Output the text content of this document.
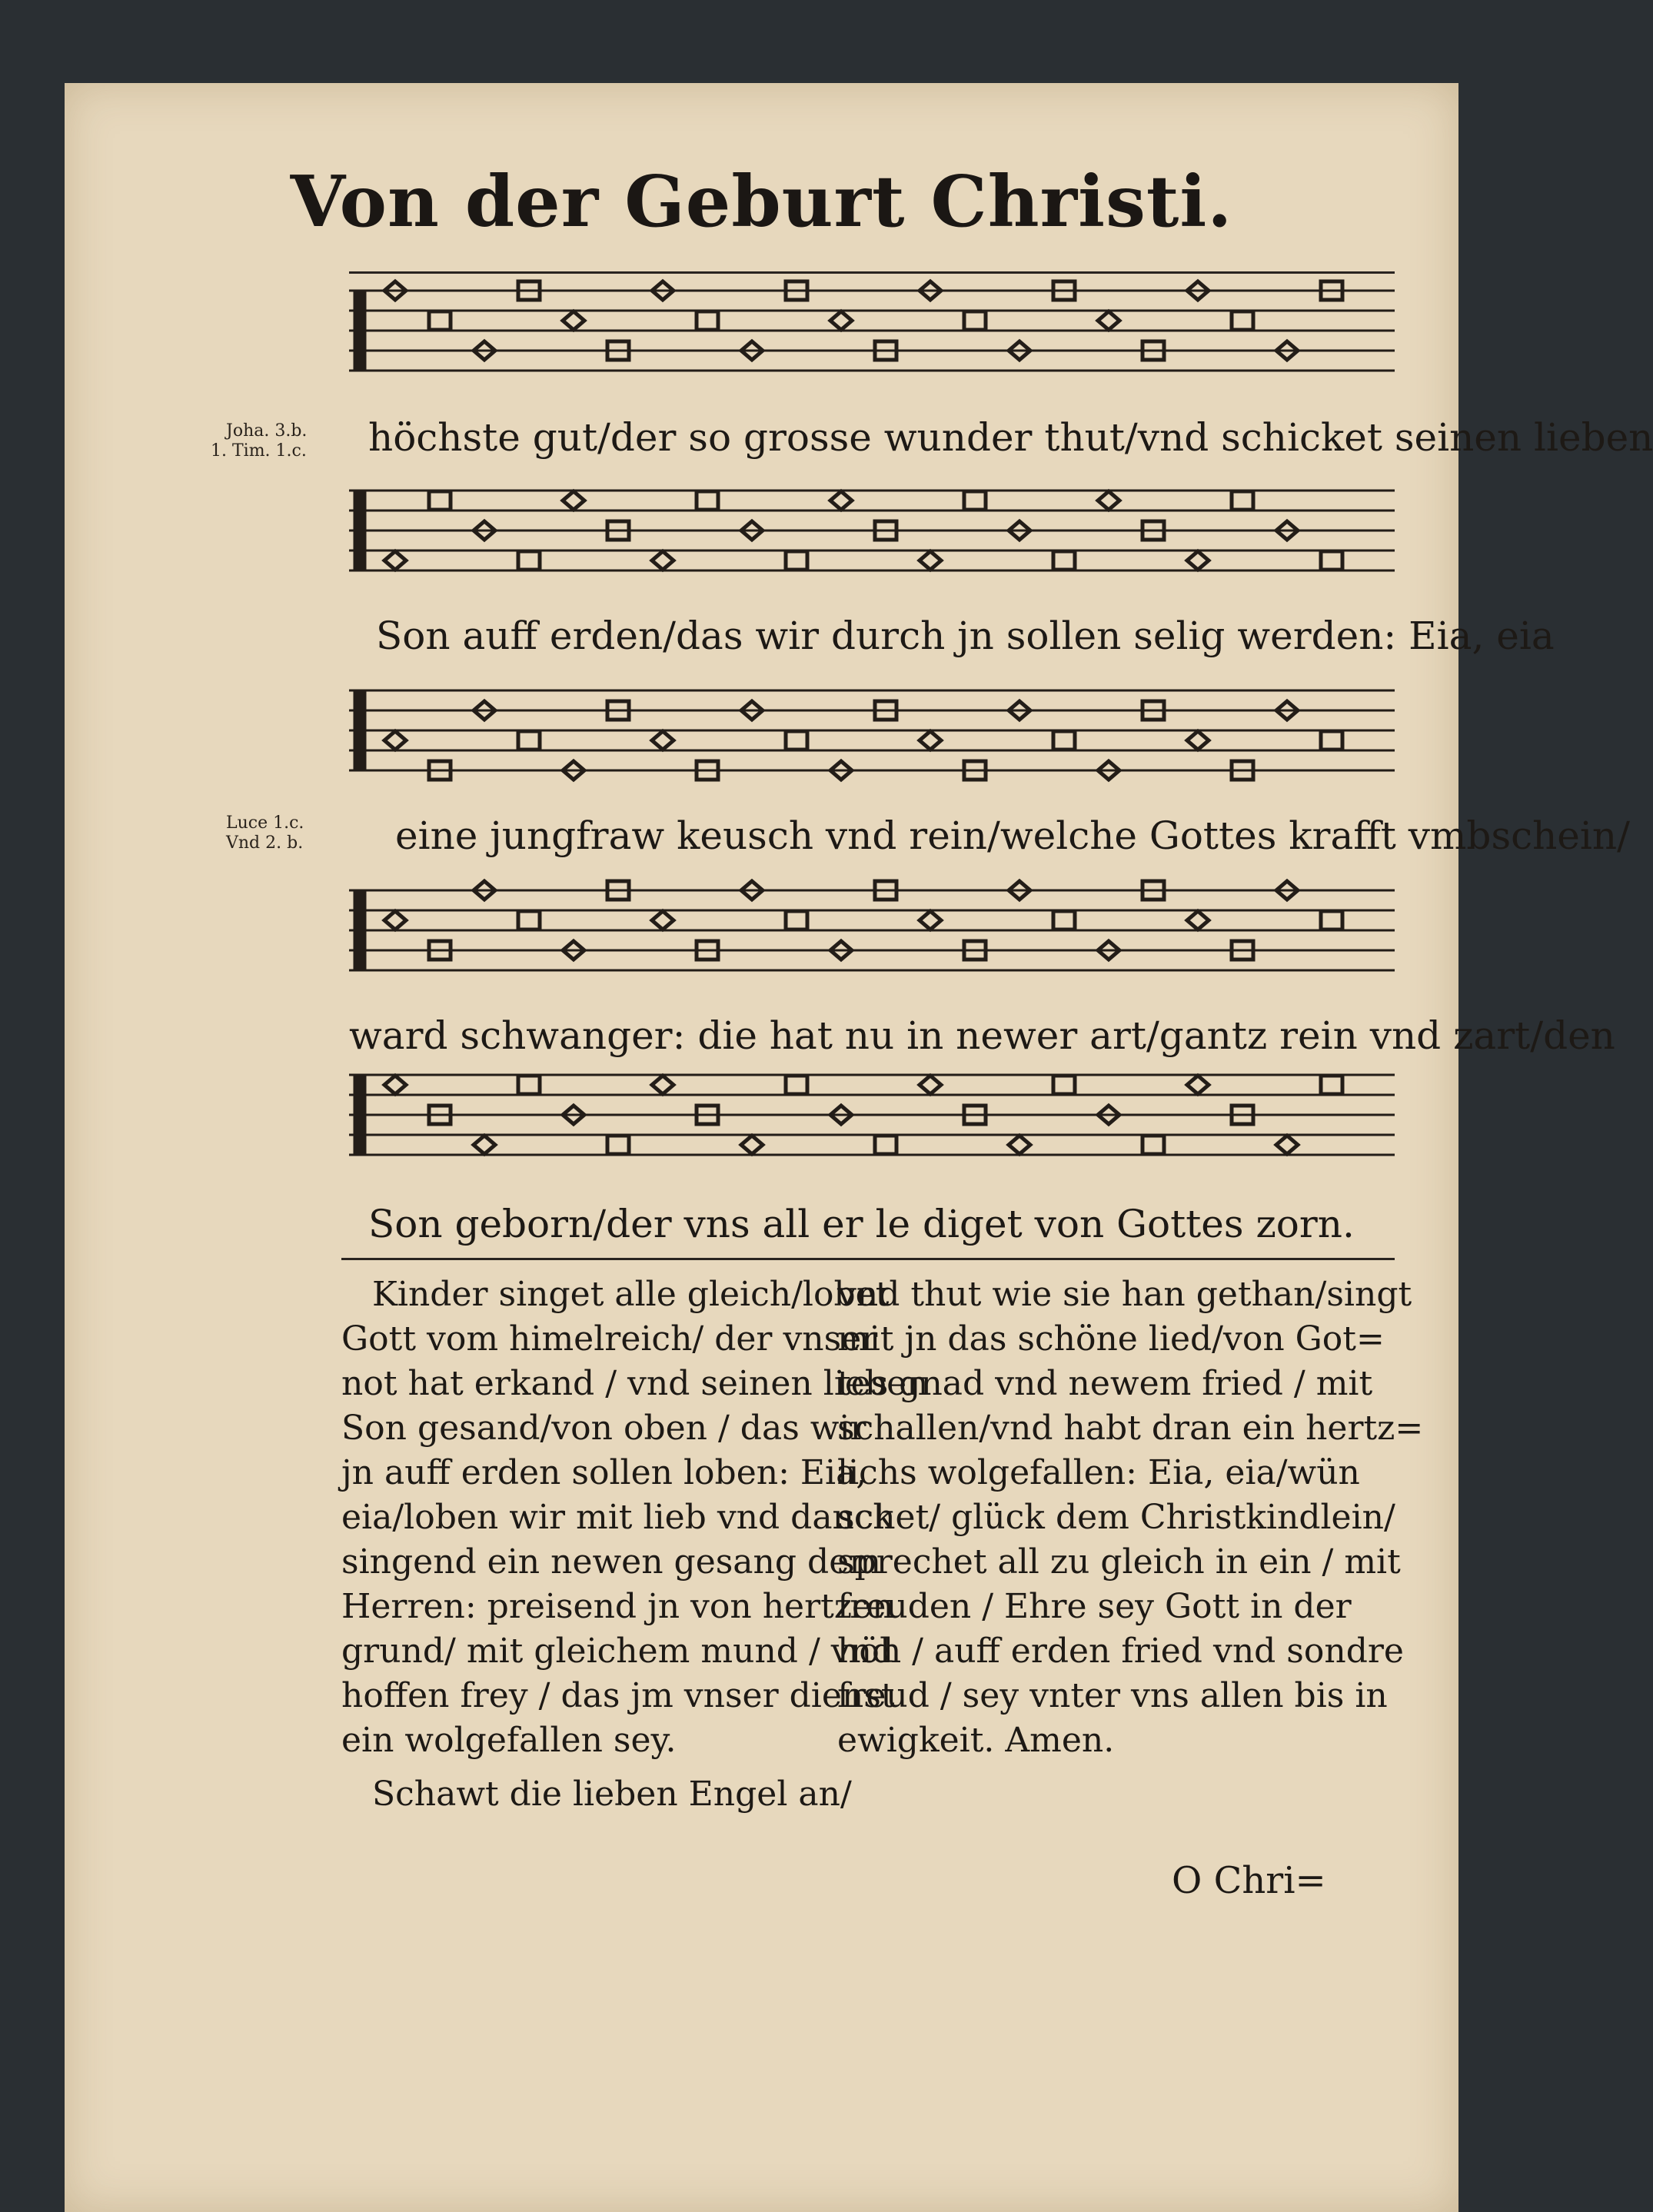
Von der Geburt Christi.
Joha. 3.b.
1. Tim. 1.c.
Luce 1.c.
Vnd 2. b.
höchste gut/der so grosse wunder thut/vnd schicket seinen lieben
Son auff erden/das wir durch jn sollen selig werden: Eia, eia
eine jungfraw keusch vnd rein/welche Gottes krafft vmbschein/
ward schwanger: die hat nu in newer art/gantz rein vnd zart/den
Son geborn/der vns all er le diget von Gottes zorn.
Kinder singet alle gleich/lobet
Gott vom himelreich/ der vnser
not hat erkand / vnd seinen lieben
Son gesand/von oben / das wir
jn auff erden sollen loben: Eia,
eia/loben wir mit lieb vnd danck
singend ein newen gesang dem
Herren: preisend jn von hertzen
grund/ mit gleichem mund / vnd
hoffen frey / das jm vnser dienst
ein wolgefallen sey.
Schawt die lieben Engel an/
vnd thut wie sie han gethan/singt
mit jn das schöne lied/von Got=
tes gnad vnd newem fried / mit
schallen/vnd habt dran ein hertz=
lichs wolgefallen: Eia, eia/wün
schet/ glück dem Christkindlein/
sprechet all zu gleich in ein / mit
freuden / Ehre sey Gott in der
höh / auff erden fried vnd sondre
freud / sey vnter vns allen bis in
ewigkeit. Amen.
O Chri=
